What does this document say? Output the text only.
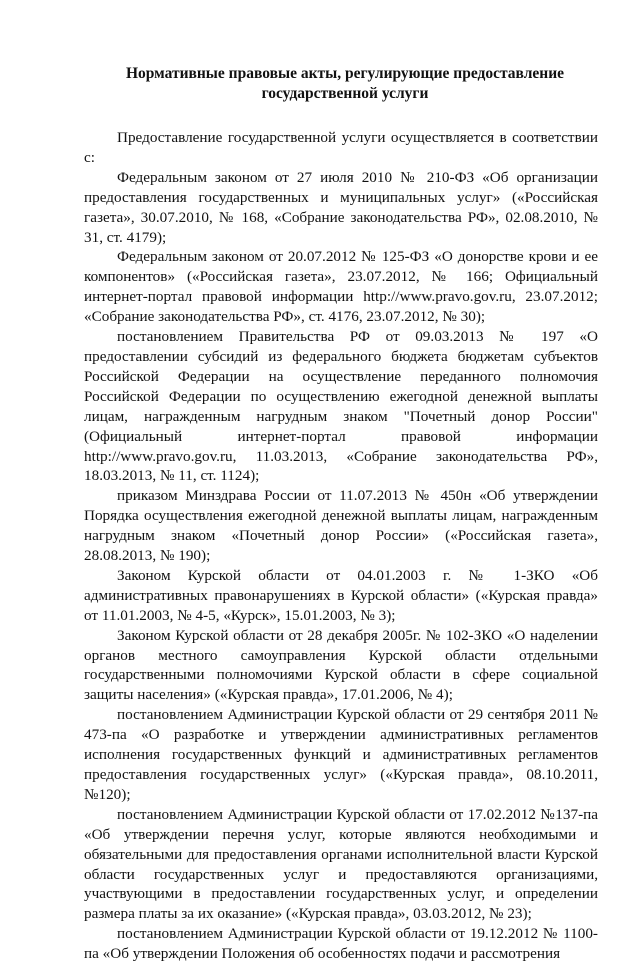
Нормативные правовые акты, регулирующие предоставление
государственной услуги

Предоставление государственной услуги осуществляется в соответствии с:

Федеральным законом от 27 июля 2010 № 210-ФЗ «Об организации предоставления государственных и муниципальных услуг» («Российская газета», 30.07.2010, № 168, «Собрание законодательства РФ», 02.08.2010, № 31, ст. 4179);

Федеральным законом от 20.07.2012 № 125-ФЗ «О донорстве крови и ее компонентов» («Российская газета», 23.07.2012, № 166; Официальный интернет-портал правовой информации http://www.pravo.gov.ru, 23.07.2012; «Собрание законодательства РФ», ст. 4176, 23.07.2012, № 30);

постановлением Правительства РФ от 09.03.2013 № 197 «О предоставлении субсидий из федерального бюджета бюджетам субъектов Российской Федерации на осуществление переданного полномочия Российской Федерации по осуществлению ежегодной денежной выплаты лицам, награжденным нагрудным знаком "Почетный донор России" (Официальный интернет-портал правовой информации http://www.pravo.gov.ru, 11.03.2013, «Собрание законодательства РФ», 18.03.2013, № 11, ст. 1124);

приказом Минздрава России от 11.07.2013 № 450н «Об утверждении Порядка осуществления ежегодной денежной выплаты лицам, награжденным нагрудным знаком «Почетный донор России» («Российская газета», 28.08.2013, № 190);

Законом Курской области от 04.01.2003 г. № 1-ЗКО «Об административных правонарушениях в Курской области» («Курская правда» от 11.01.2003, № 4-5, «Курск», 15.01.2003, № 3);

Законом Курской области от 28 декабря 2005г. № 102-ЗКО «О наделении органов местного самоуправления Курской области отдельными государственными полномочиями Курской области в сфере социальной защиты населения» («Курская правда», 17.01.2006, № 4);

постановлением Администрации Курской области от 29 сентября 2011 № 473-па «О разработке и утверждении административных регламентов исполнения государственных функций и административных регламентов предоставления государственных услуг» («Курская правда», 08.10.2011, №120);

постановлением Администрации Курской области от 17.02.2012 №137-па «Об утверждении перечня услуг, которые являются необходимыми и обязательными для предоставления органами исполнительной власти Курской области государственных услуг и предоставляются организациями, участвующими в предоставлении государственных услуг, и определении размера платы за их оказание» («Курская правда», 03.03.2012, № 23);

постановлением Администрации Курской области от 19.12.2012 № 1100-па «Об утверждении Положения об особенностях подачи и рассмотрения
